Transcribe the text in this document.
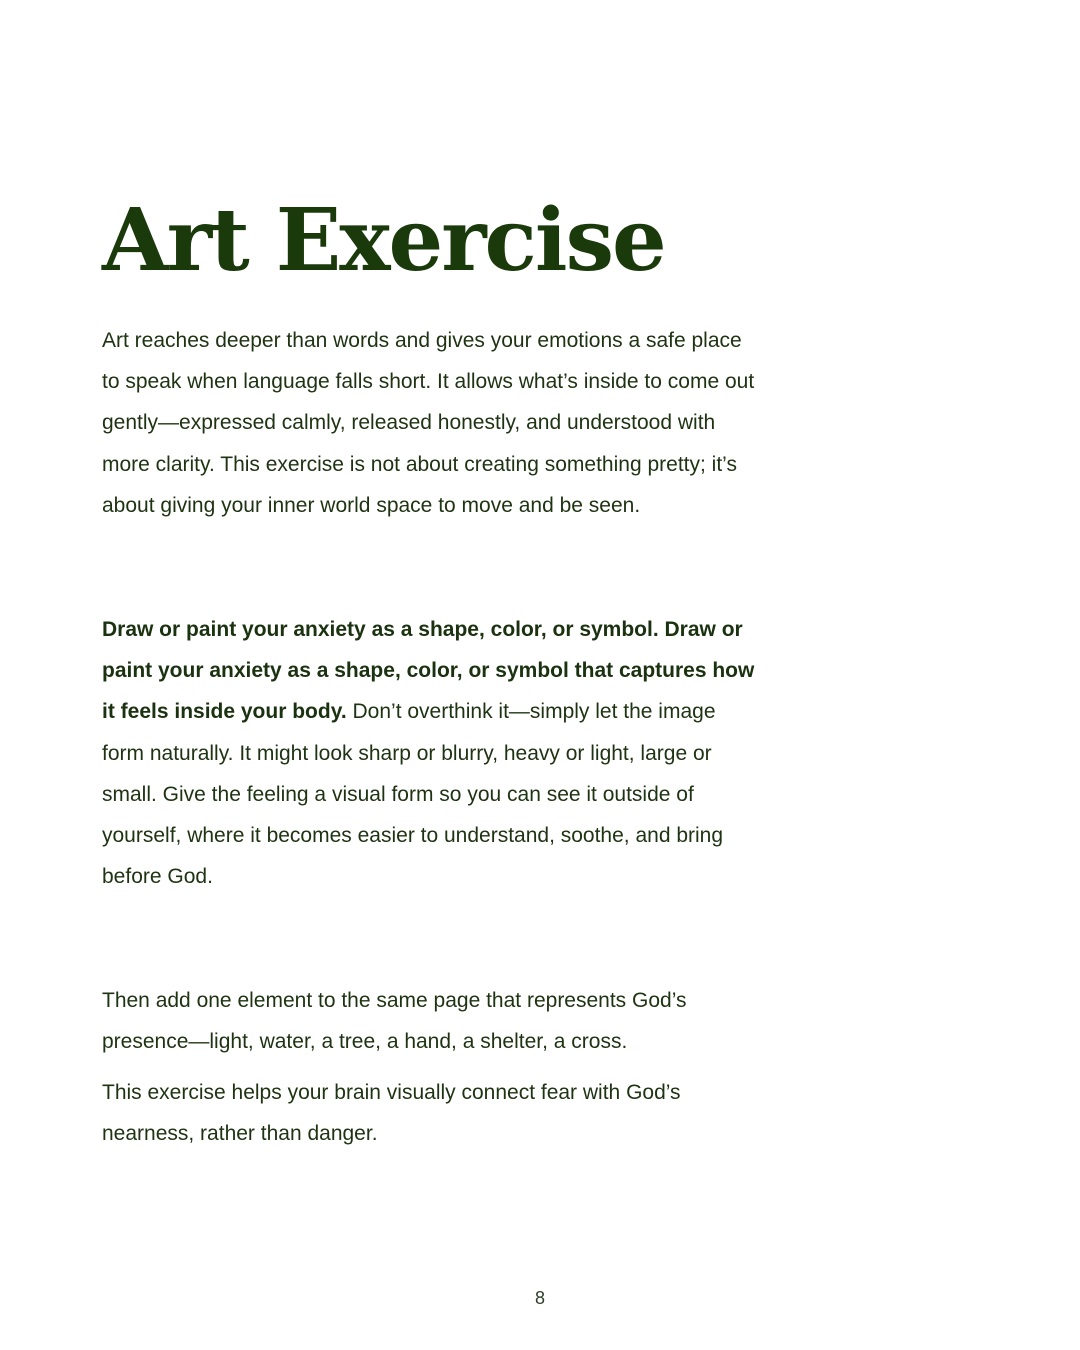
Art Exercise

Art reaches deeper than words and gives your emotions a safe place to speak when language falls short. It allows what’s inside to come out gently—expressed calmly, released honestly, and understood with more clarity. This exercise is not about creating something pretty; it’s about giving your inner world space to move and be seen.

Draw or paint your anxiety as a shape, color, or symbol. Draw or paint your anxiety as a shape, color, or symbol that captures how it feels inside your body. Don’t overthink it—simply let the image form naturally. It might look sharp or blurry, heavy or light, large or small. Give the feeling a visual form so you can see it outside of yourself, where it becomes easier to understand, soothe, and bring before God.

Then add one element to the same page that represents God’s presence—light, water, a tree, a hand, a shelter, a cross.

This exercise helps your brain visually connect fear with God’s nearness, rather than danger.

8
